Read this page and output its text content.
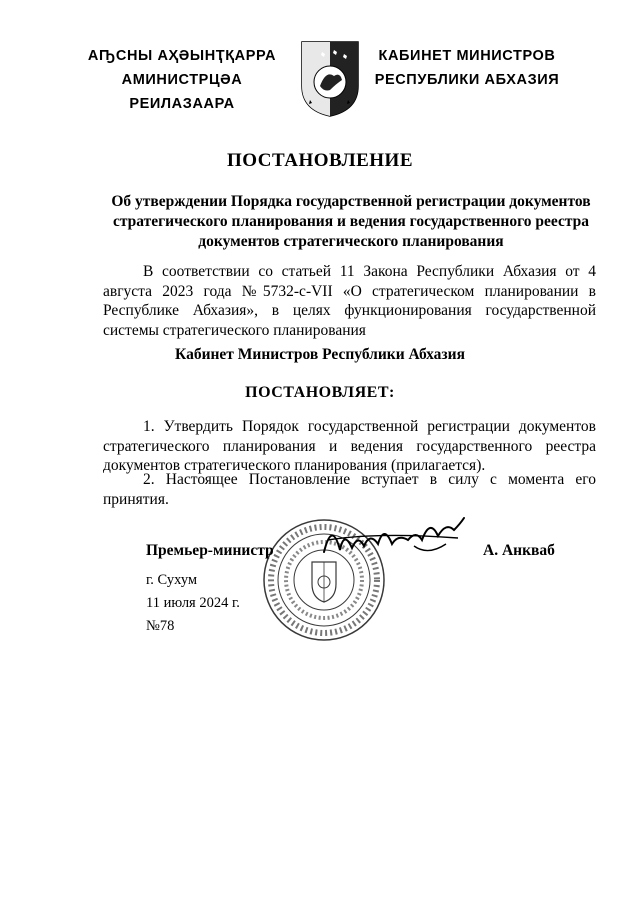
АҦСНЫ АҲӘЫНҬҚАРРА
АМИНИСТРЦӘА РЕИЛАЗААРА
КАБИНЕТ МИНИСТРОВ
РЕСПУБЛИКИ АБХАЗИЯ
ПОСТАНОВЛЕНИЕ
Об утверждении Порядка государственной регистрации документов стратегического планирования и ведения государственного реестра документов стратегического планирования
В соответствии со статьей 11 Закона Республики Абхазия от 4 августа 2023 года №5732-с-VII «О стратегическом планировании в Республике Абхазия», в целях функционирования государственной системы стратегического планирования
Кабинет Министров Республики Абхазия
ПОСТАНОВЛЯЕТ:
1. Утвердить Порядок государственной регистрации документов стратегического планирования и ведения государственного реестра документов стратегического планирования (прилагается).
2. Настоящее Постановление вступает в силу с момента его принятия.
Премьер-министр	А. Анкваб
г. Сухум
11 июля 2024 г.
№78
